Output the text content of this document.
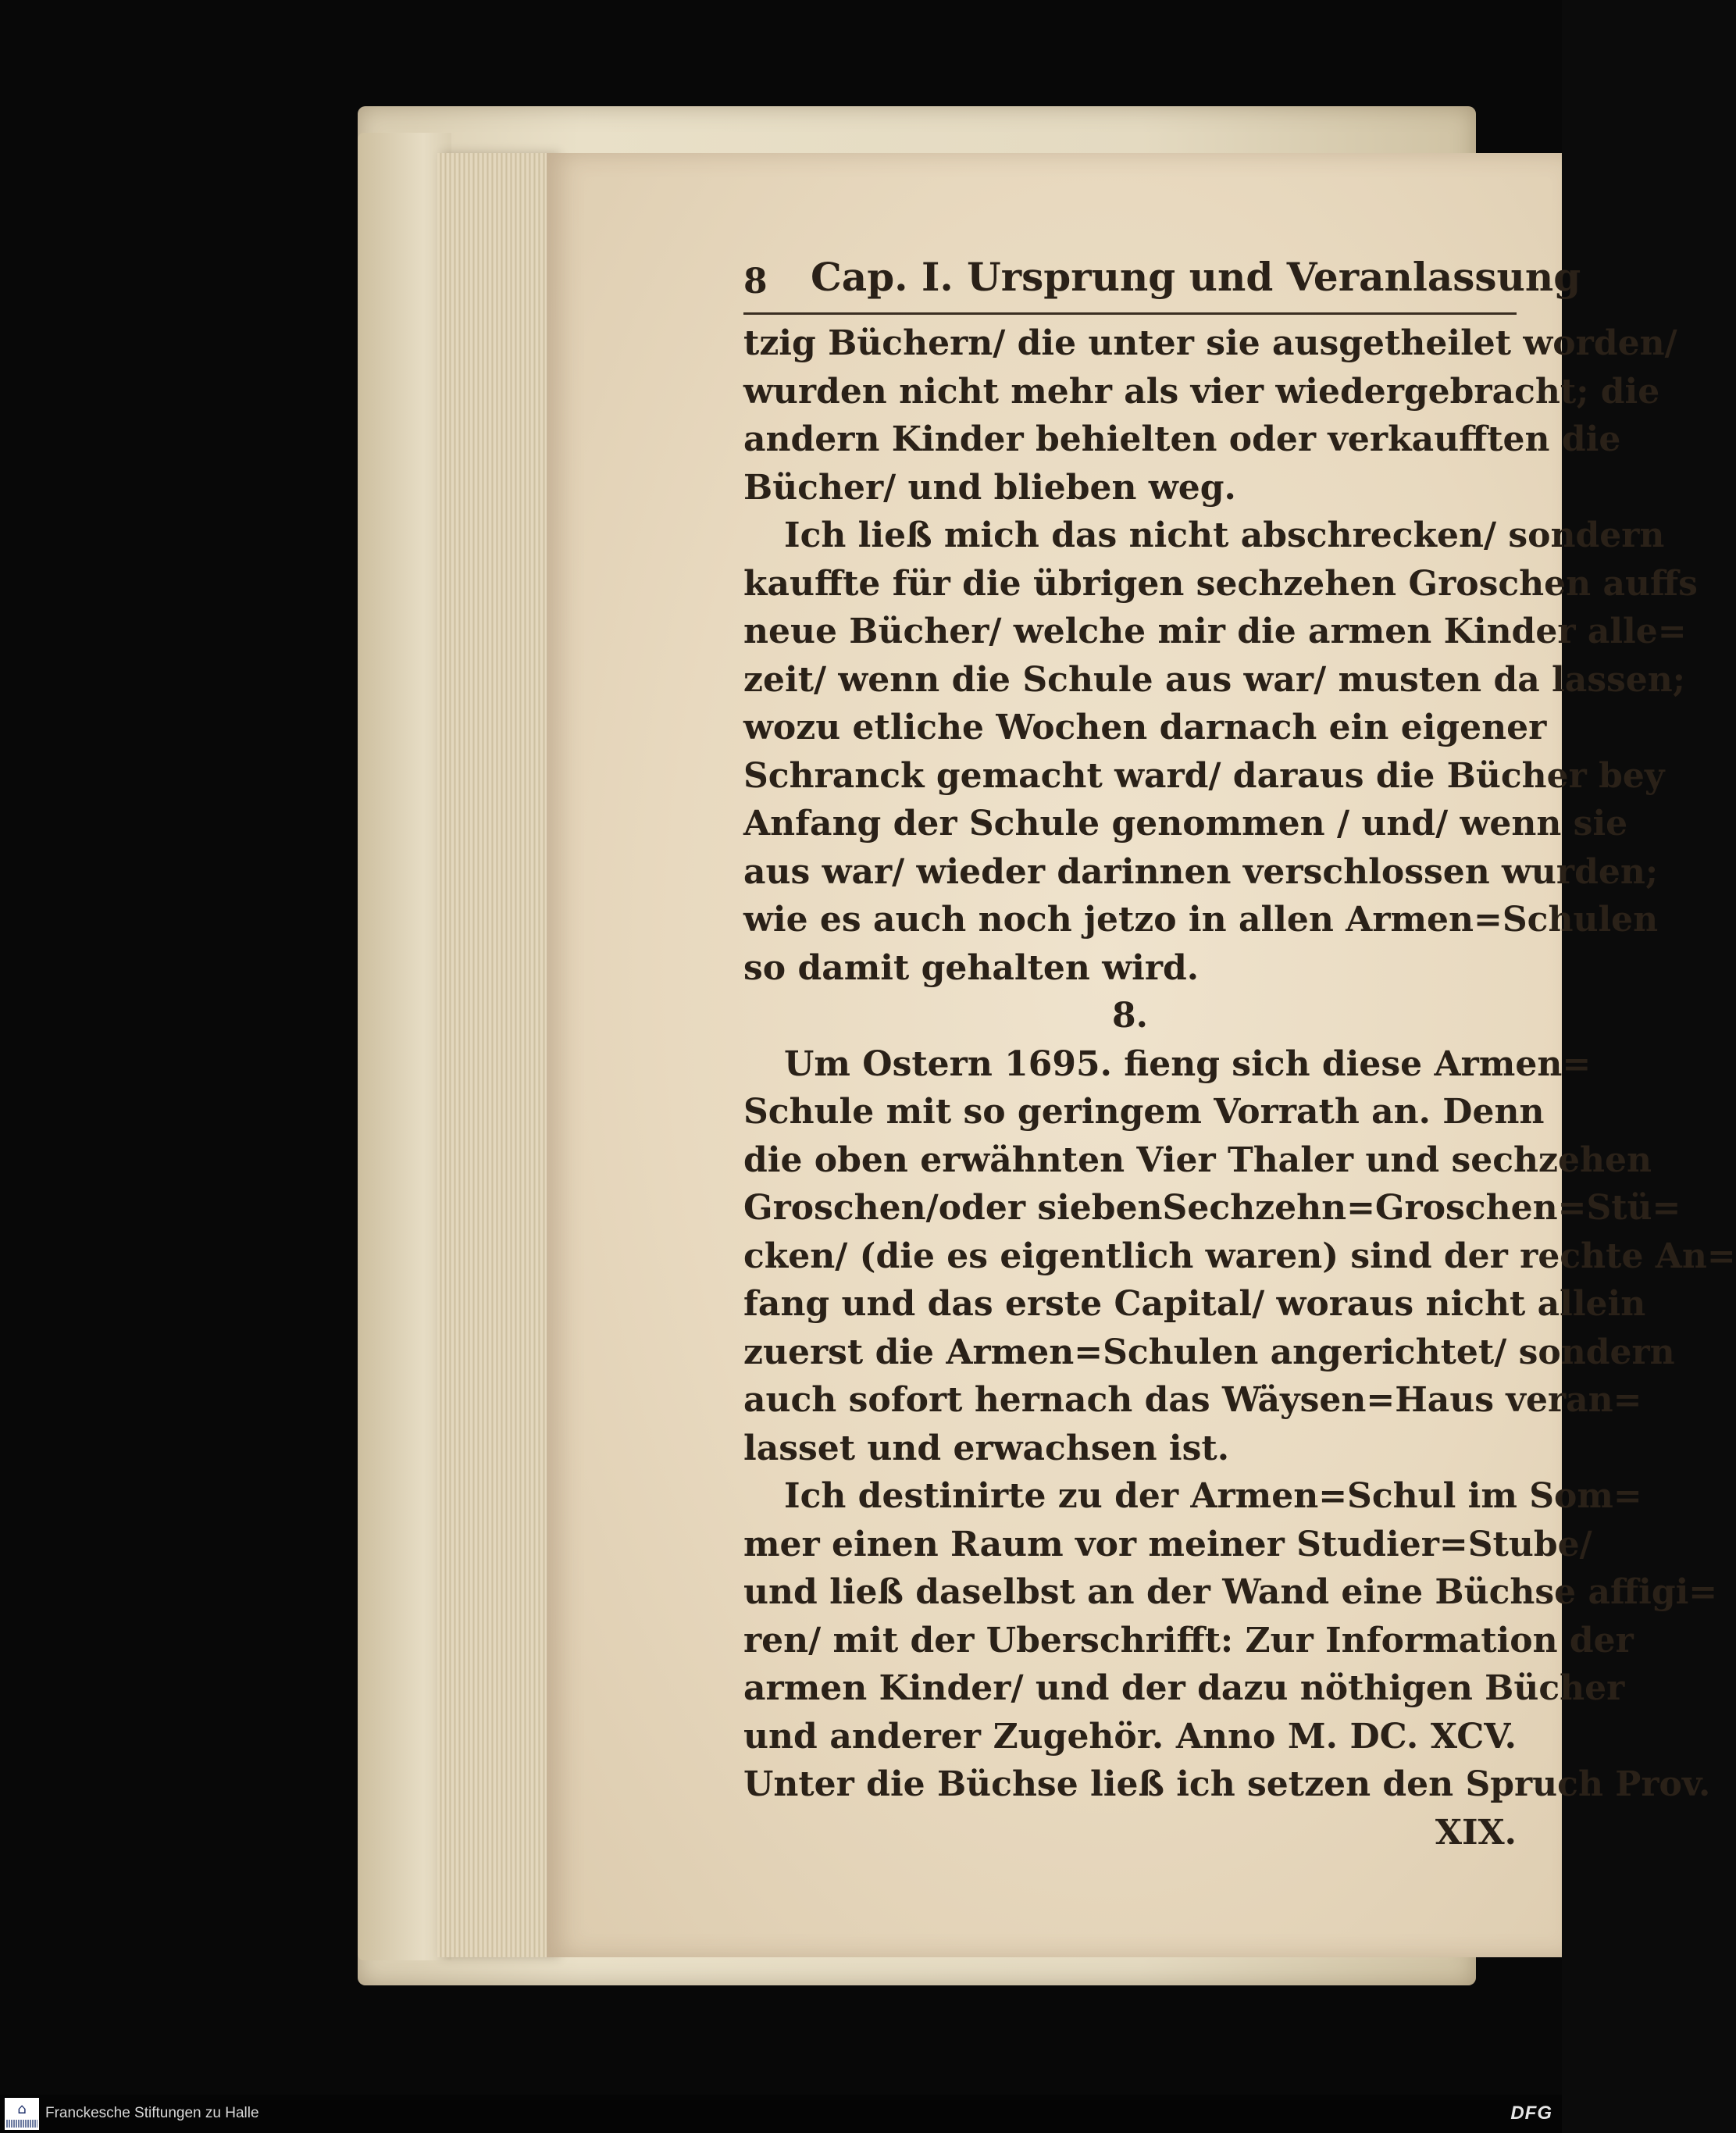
8 Cap. I. Ursprung und Veranlassung
tzig Büchern/ die unter sie ausgetheilet worden/
wurden nicht mehr als vier wiedergebracht; die
andern Kinder behielten oder verkaufften die
Bücher/ und blieben weg.
Ich ließ mich das nicht abschrecken/ sondern
kauffte für die übrigen sechzehen Groschen auffs
neue Bücher/ welche mir die armen Kinder alle=
zeit/ wenn die Schule aus war/ musten da lassen;
wozu etliche Wochen darnach ein eigener
Schranck gemacht ward/ daraus die Bücher bey
Anfang der Schule genommen / und/ wenn sie
aus war/ wieder darinnen verschlossen wurden;
wie es auch noch jetzo in allen Armen=Schulen
so damit gehalten wird.
8.
Um Ostern 1695. fieng sich diese Armen=
Schule mit so geringem Vorrath an. Denn
die oben erwähnten Vier Thaler und sechzehen
Groschen/oder siebenSechzehn=Groschen=Stü=
cken/ (die es eigentlich waren) sind der rechte An=
fang und das erste Capital/ woraus nicht allein
zuerst die Armen=Schulen angerichtet/ sondern
auch sofort hernach das Wäysen=Haus veran=
lasset und erwachsen ist.
Ich destinirte zu der Armen=Schul im Som=
mer einen Raum vor meiner Studier=Stube/
und ließ daselbst an der Wand eine Büchse affigi=
ren/ mit der Uberschrifft: Zur Information der
armen Kinder/ und der dazu nöthigen Bücher
und anderer Zugehör. Anno M. DC. XCV.
Unter die Büchse ließ ich setzen den Spruch Prov.
XIX.
⌂	Franckesche Stiftungen zu Halle	DFG
